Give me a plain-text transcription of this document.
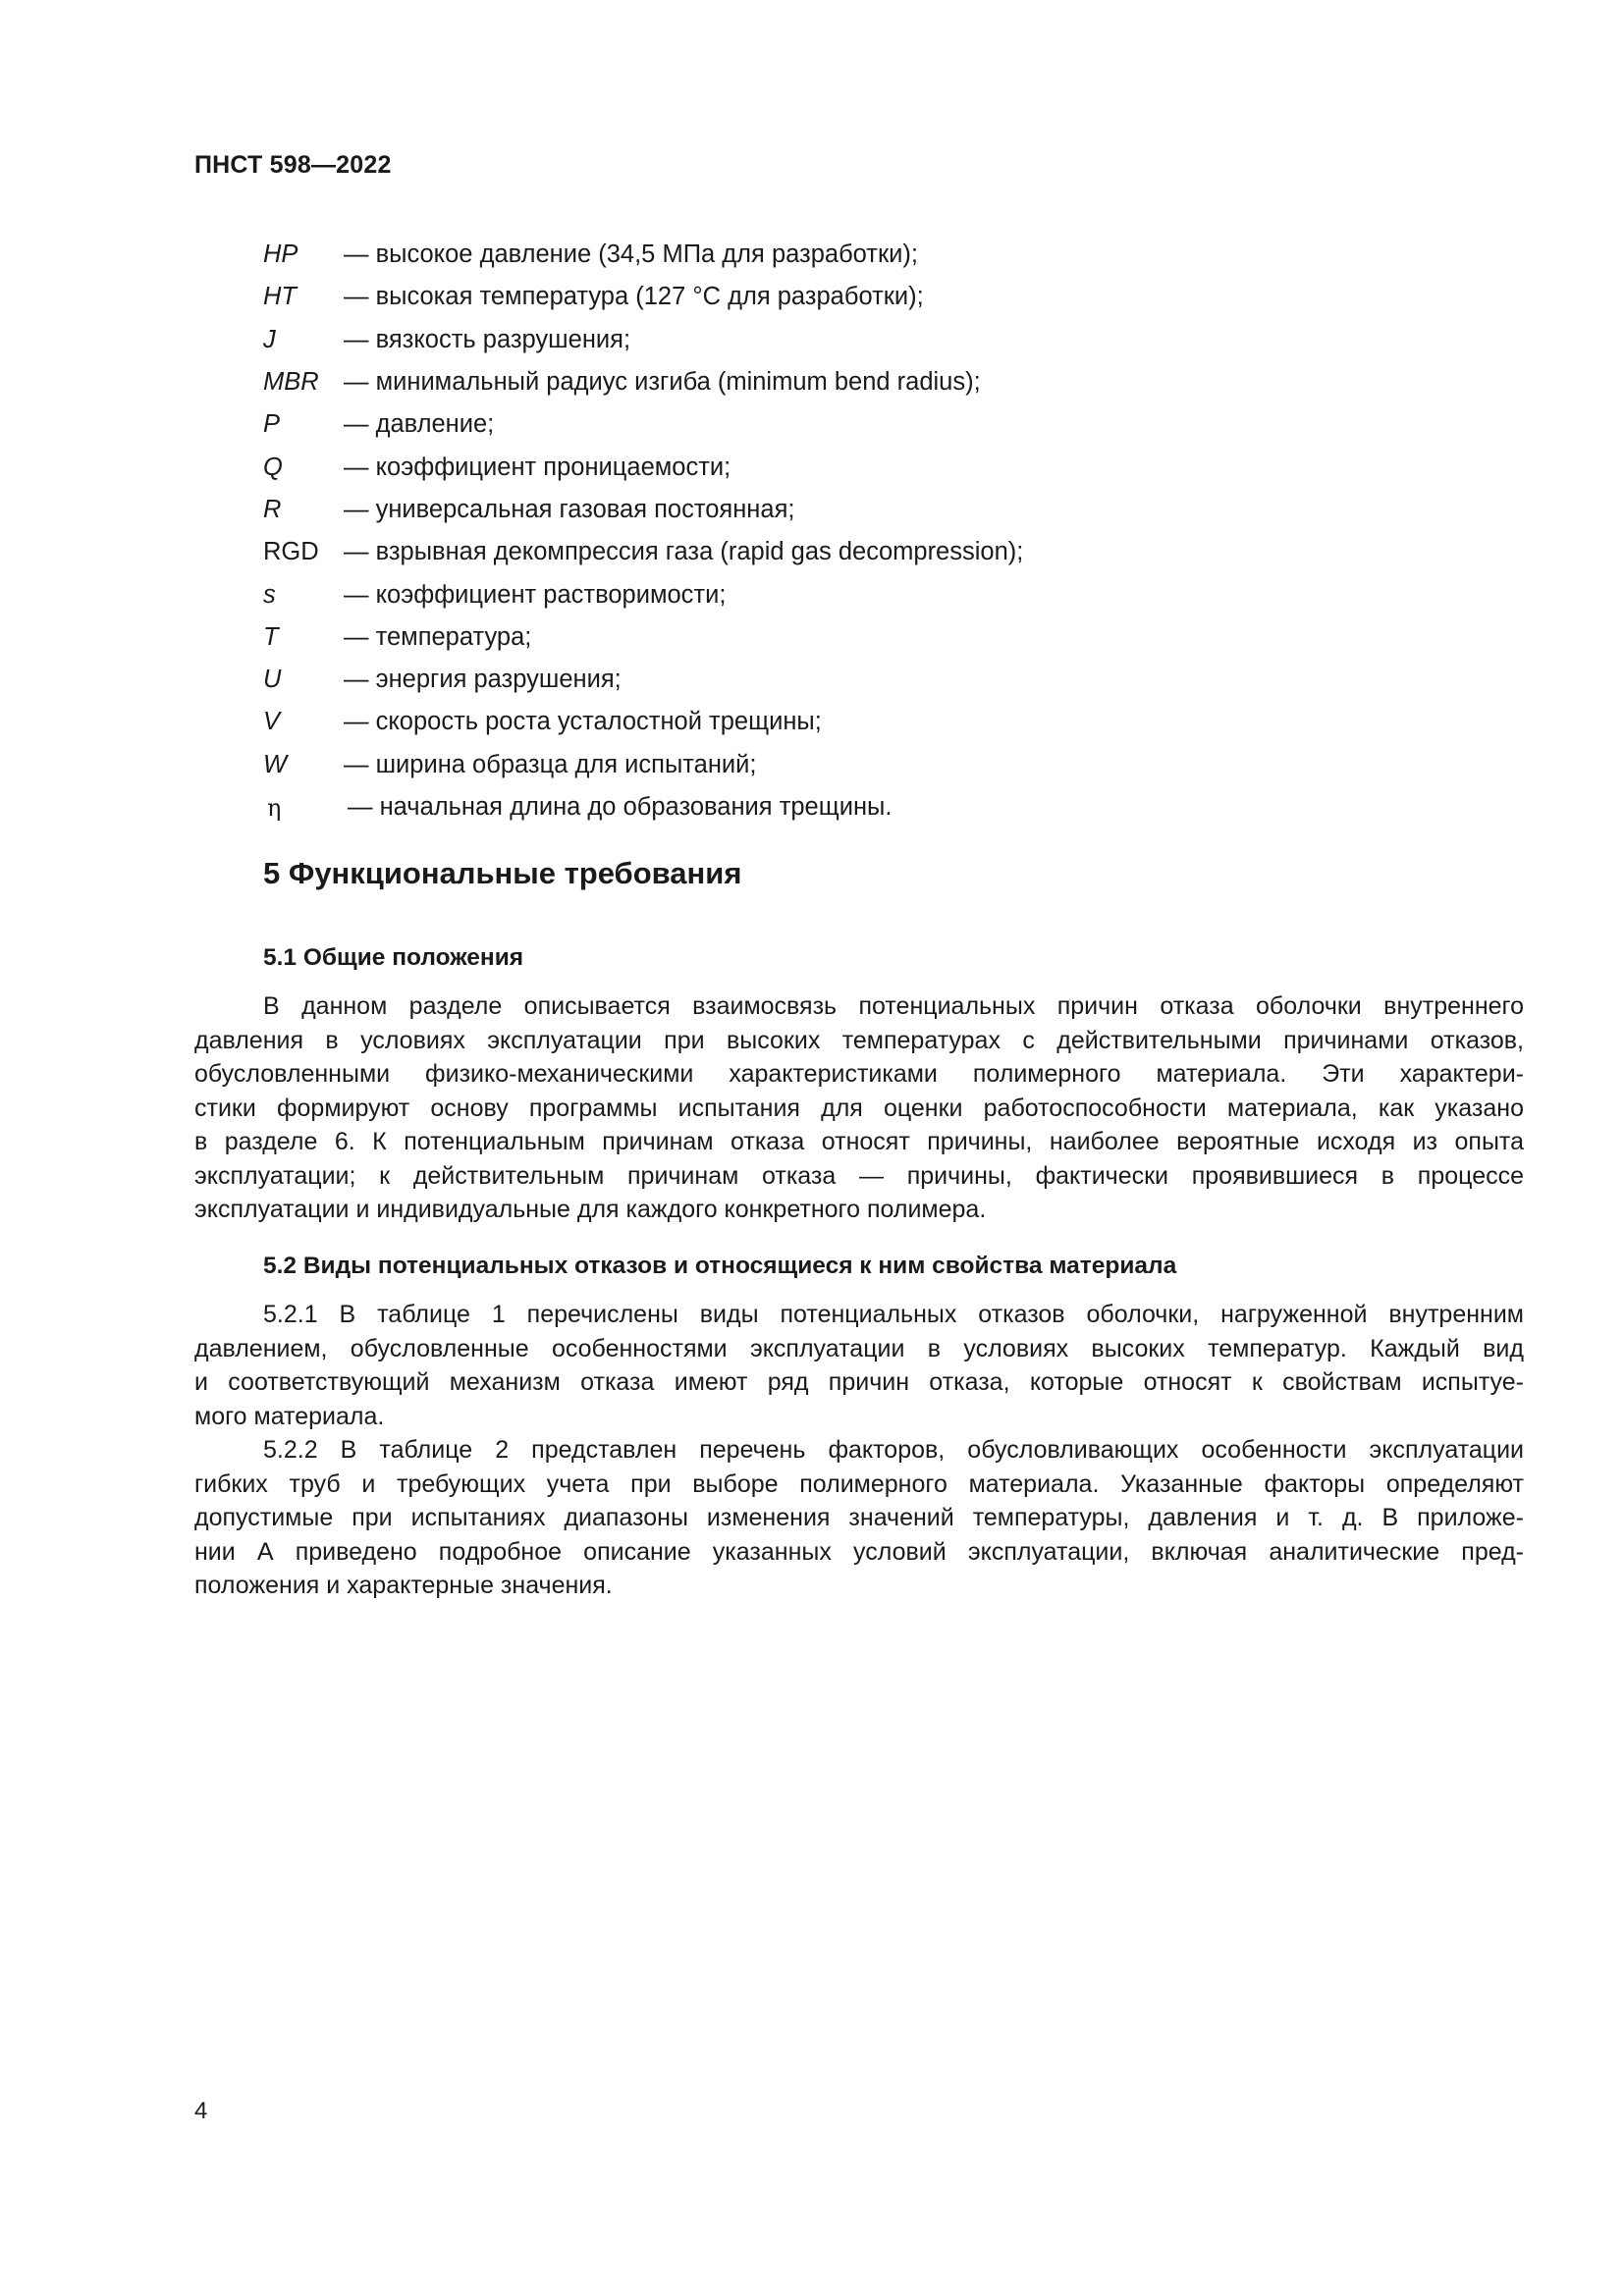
ПНСТ 598—2022
HP	— высокое давление (34,5 МПа для разработки);
HT	— высокая температура (127 °С для разработки);
J	— вязкость разрушения;
MBR — минимальный радиус изгиба (minimum bend radius);
P	— давление;
Q	— коэффициент проницаемости;
R	— универсальная газовая постоянная;
RGD — взрывная декомпрессия газа (rapid gas decompression);
s	— коэффициент растворимости;
T	— температура;
U	— энергия разрушения;
V	— скорость роста усталостной трещины;
W	— ширина образца для испытаний;
η	— начальная длина до образования трещины.
5 Функциональные требования
5.1 Общие положения
В данном разделе описывается взаимосвязь потенциальных причин отказа оболочки внутреннего
давления в условиях эксплуатации при высоких температурах с действительными причинами отказов,
обусловленными физико-механическими характеристиками полимерного материала. Эти характери-
стики формируют основу программы испытания для оценки работоспособности материала, как указано
в разделе 6. К потенциальным причинам отказа относят причины, наиболее вероятные исходя из опыта
эксплуатации; к действительным причинам отказа — причины, фактически проявившиеся в процессе
эксплуатации и индивидуальные для каждого конкретного полимера.
5.2 Виды потенциальных отказов и относящиеся к ним свойства материала
5.2.1 В таблице 1 перечислены виды потенциальных отказов оболочки, нагруженной внутренним
давлением, обусловленные особенностями эксплуатации в условиях высоких температур. Каждый вид
и соответствующий механизм отказа имеют ряд причин отказа, которые относят к свойствам испытуе-
мого материала.
5.2.2 В таблице 2 представлен перечень факторов, обусловливающих особенности эксплуатации
гибких труб и требующих учета при выборе полимерного материала. Указанные факторы определяют
допустимые при испытаниях диапазоны изменения значений температуры, давления и т. д. В приложе-
нии А приведено подробное описание указанных условий эксплуатации, включая аналитические пред-
положения и характерные значения.
4
